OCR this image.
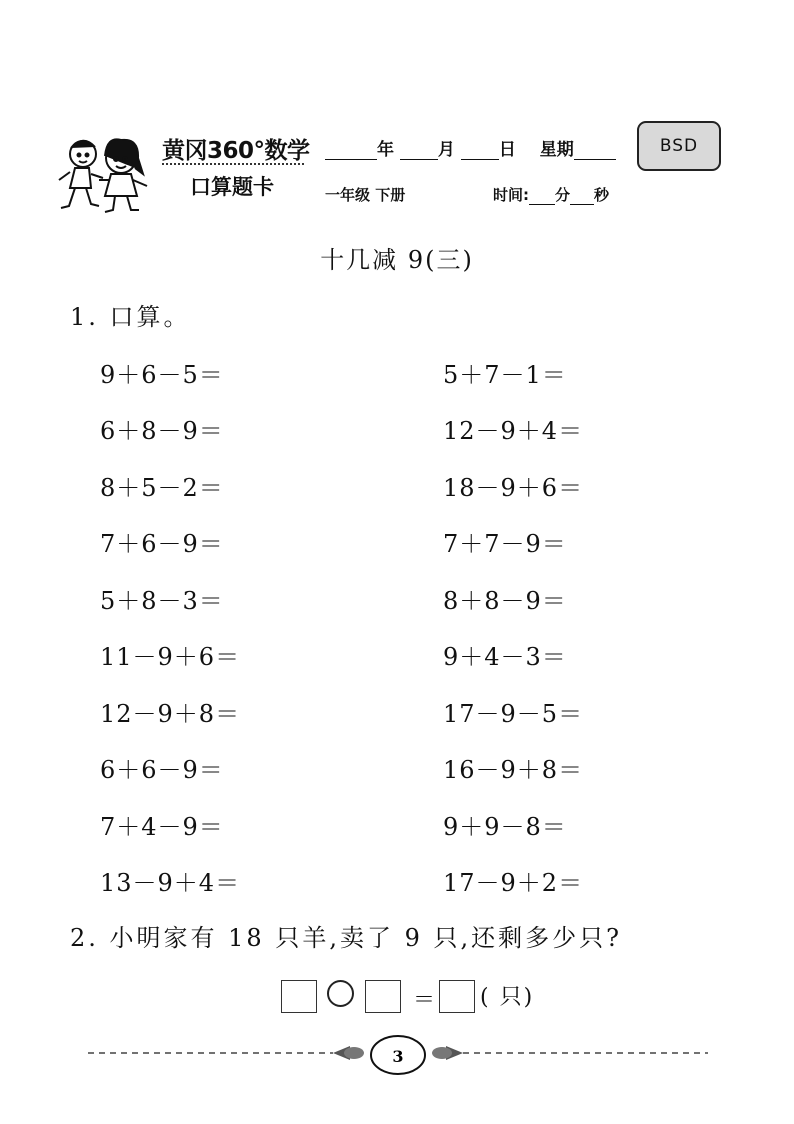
黄冈360°数学
口算题卡
年	月	日 星期	BSD
一年级 下册	时间: 分 秒
十几减 9(三)
1. 口算。
9＋6－5＝
6＋8－9＝
8＋5－2＝
7＋6－9＝
5＋8－3＝
11－9＋6＝
12－9＋8＝
6＋6－9＝
7＋4－9＝
13－9＋4＝
5＋7－1＝
12－9＋4＝
18－9＋6＝
7＋7－9＝
8＋8－9＝
9＋4－3＝
17－9－5＝
16－9＋8＝
9＋9－8＝
17－9＋2＝
2. 小明家有 18 只羊,卖了 9 只,还剩多少只?
＝ ( 只)
3
